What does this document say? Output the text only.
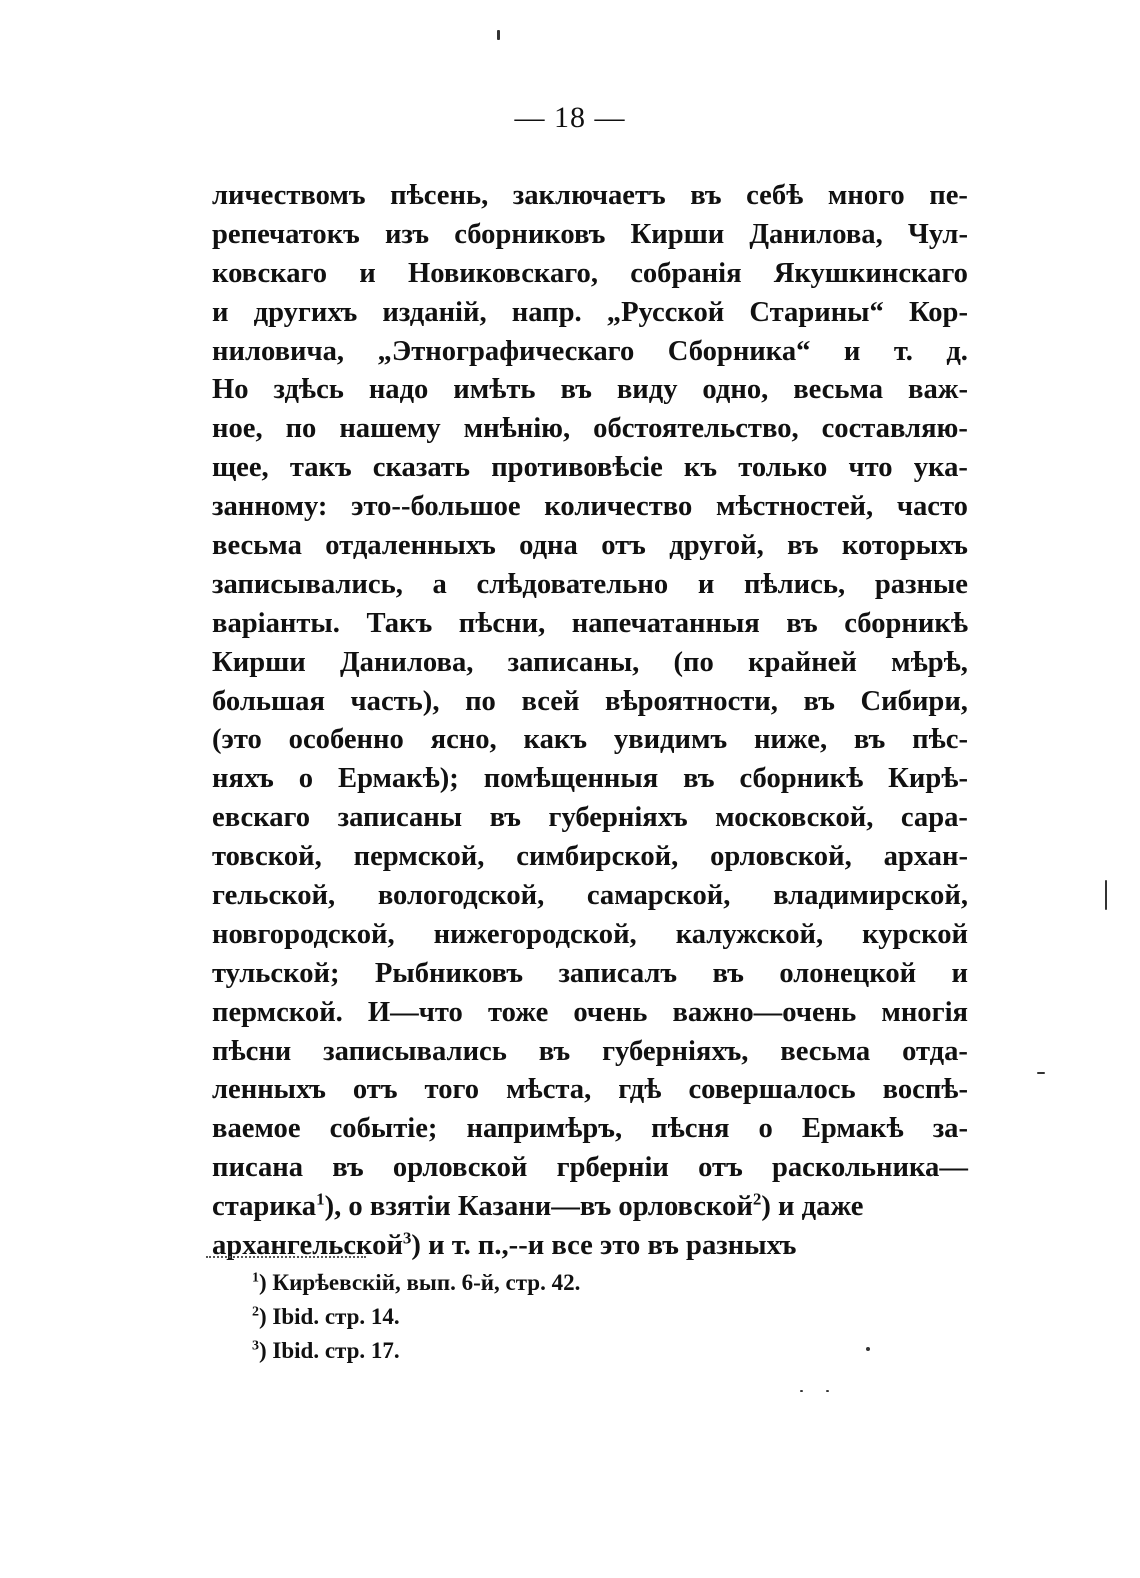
— 18 —
личествомъ пѣсень, заключаетъ въ себѣ много пе-
репечатокъ изъ сборниковъ Кирши Данилова, Чул-
ковскаго и Новиковскаго, собранія Якушкинскаго
и другихъ изданій, напр. „Русской Старины“ Кор-
ниловича, „Этнографическаго Сборника“ и т. д.
Но здѣсь надо имѣть въ виду одно, весьма важ-
ное, по нашему мнѣнію, обстоятельство, составляю-
щее, такъ сказать противовѣсіе къ только что ука-
занному: это--большое количество мѣстностей, часто
весьма отдаленныхъ одна отъ другой, въ которыхъ
записывались, а слѣдовательно и пѣлись, разные
варіанты. Такъ пѣсни, напечатанныя въ сборникѣ
Кирши Данилова, записаны, (по крайней мѣрѣ,
большая часть), по всей вѣроятности, въ Сибири,
(это особенно ясно, какъ увидимъ ниже, въ пѣс-
няхъ о Ермакѣ); помѣщенныя въ сборникѣ Кирѣ-
евскаго записаны въ губерніяхъ московской, сара-
товской, пермской, симбирской, орловской, архан-
гельской, вологодской, самарской, владимирской,
новгородской, нижегородской, калужской, курской
тульской; Рыбниковъ записалъ въ олонецкой и
пермской. И—что тоже очень важно—очень многія
пѣсни записывались въ губерніяхъ, весьма отда-
ленныхъ отъ того мѣста, гдѣ совершалось воспѣ-
ваемое событіе; напримѣръ, пѣсня о Ермакѣ за-
писана въ орловской грберніи отъ раскольника—
старика$^1$), о взятіи Казани—въ орловской$^2$) и даже
архангельской$^3$) и т. п.,--и все это въ разныхъ
$^1$) Кирѣевскій, вып. 6-й, стр. 42.
$^2$) Ibid. стр. 14.
$^3$) Ibid. стр. 17.
